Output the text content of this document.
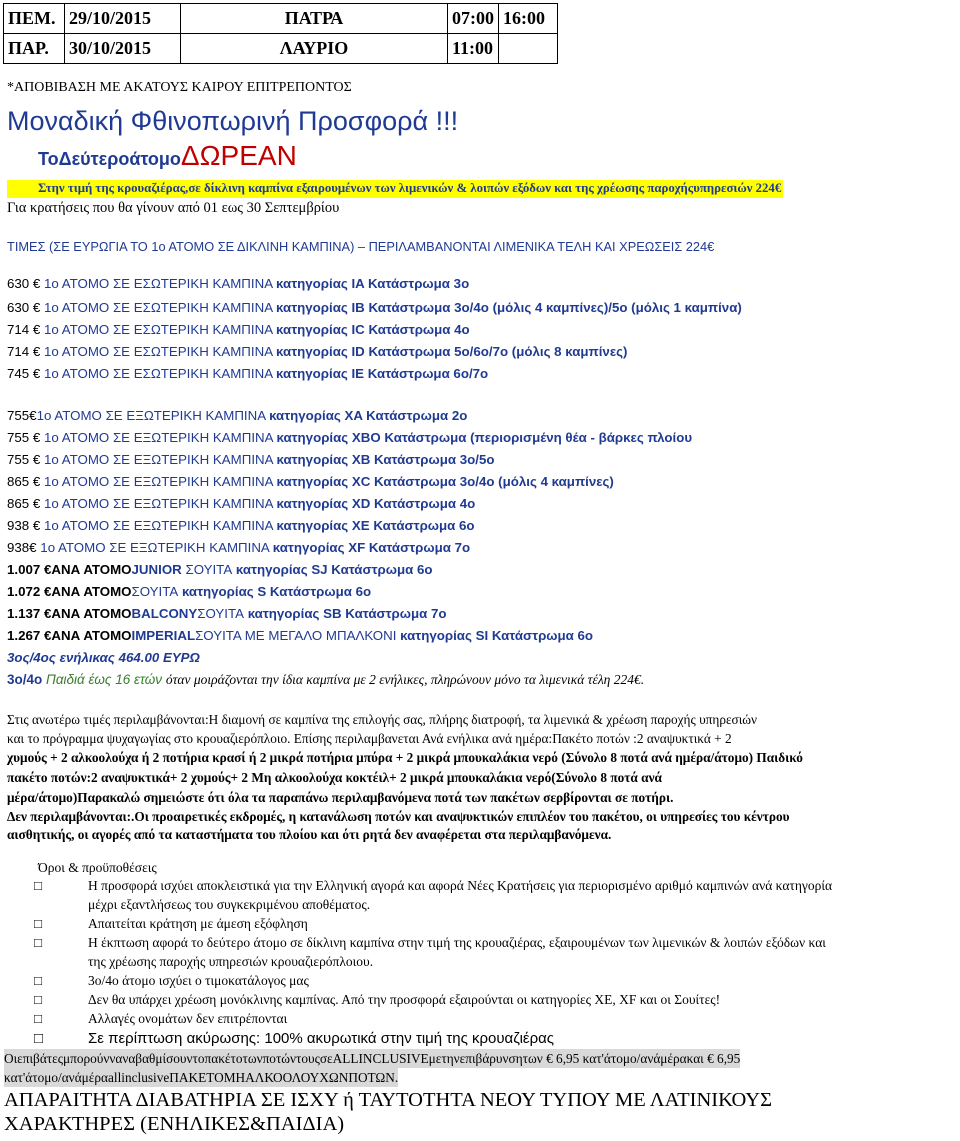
ΠΕΜ.	29/10/2015	ΠΑΤΡΑ	07:00	16:00
ΠΑΡ.	30/10/2015	ΛΑΥΡΙΟ	11:00	
*ΑΠΟΒΙΒΑΣΗ ΜΕ ΑΚΑΤΟΥΣ ΚΑΙΡΟΥ ΕΠΙΤΡΕΠΟΝΤΟΣ
Μοναδική Φθινοπωρινή Προσφορά !!!
ΤοΔεύτεροάτομοΔΩΡΕΑΝ
Στην τιμή της κρουαζιέρας,σε δίκλινη καμπίνα εξαιρουμένων των λιμενικών & λοιπών εξόδων και της χρέωσης παροχήςυπηρεσιών 224€
Για κρατήσεις που θα γίνουν από 01 εως 30 Σεπτεμβρίου
ΤΙΜΕΣ (ΣΕ ΕΥΡΩΓΙΑ ΤΟ 1ο ΑΤΟΜΟ ΣΕ ΔΙΚΛΙΝΗ ΚΑΜΠΙΝΑ) – ΠΕΡΙΛΑΜΒΑΝΟΝΤΑΙ ΛΙΜΕΝΙΚΑ ΤΕΛΗ ΚΑΙ ΧΡΕΩΣΕΙΣ 224€
630 € 1ο ΑΤΟΜΟ ΣΕ ΕΣΩΤΕΡΙΚΗ ΚΑΜΠΙΝΑ κατηγορίας IA Κατάστρωμα 3ο
630 € 1ο ΑΤΟΜΟ ΣΕ ΕΣΩΤΕΡΙΚΗ ΚΑΜΠΙΝΑ κατηγορίας IB Κατάστρωμα 3ο/4ο (μόλις 4 καμπίνες)/5ο (μόλις 1 καμπίνα)
714 € 1ο ΑΤΟΜΟ ΣΕ ΕΣΩΤΕΡΙΚΗ ΚΑΜΠΙΝΑ κατηγορίας IC Κατάστρωμα 4ο
714 € 1ο ΑΤΟΜΟ ΣΕ ΕΣΩΤΕΡΙΚΗ ΚΑΜΠΙΝΑ κατηγορίας ID Κατάστρωμα 5ο/6ο/7ο (μόλις 8 καμπίνες)
745 € 1ο ΑΤΟΜΟ ΣΕ ΕΣΩΤΕΡΙΚΗ ΚΑΜΠΙΝΑ κατηγορίας IE Κατάστρωμα 6ο/7ο
755€1ο ΑΤΟΜΟ ΣΕ ΕΞΩΤΕΡΙΚΗ ΚΑΜΠΙΝΑ κατηγορίας XA Κατάστρωμα 2ο
755 € 1ο ΑΤΟΜΟ ΣΕ ΕΞΩΤΕΡΙΚΗ ΚΑΜΠΙΝΑ κατηγορίας XBO Κατάστρωμα (περιορισμένη θέα - βάρκες πλοίου
755 € 1ο ΑΤΟΜΟ ΣΕ ΕΞΩΤΕΡΙΚΗ ΚΑΜΠΙΝΑ κατηγορίας XB Κατάστρωμα 3ο/5ο
865 € 1ο ΑΤΟΜΟ ΣΕ ΕΞΩΤΕΡΙΚΗ ΚΑΜΠΙΝΑ κατηγορίας XC Κατάστρωμα 3ο/4ο (μόλις 4 καμπίνες)
865 € 1ο ΑΤΟΜΟ ΣΕ ΕΞΩΤΕΡΙΚΗ ΚΑΜΠΙΝΑ κατηγορίας XD Κατάστρωμα 4ο
938 € 1ο ΑΤΟΜΟ ΣΕ ΕΞΩΤΕΡΙΚΗ ΚΑΜΠΙΝΑ κατηγορίας XE Κατάστρωμα 6ο
938€ 1ο ΑΤΟΜΟ ΣΕ ΕΞΩΤΕΡΙΚΗ ΚΑΜΠΙΝΑ κατηγορίας XF Κατάστρωμα 7ο
1.007 €ΑΝΑ ΑΤΟΜΟJUNIOR ΣΟΥΙΤΑ κατηγορίας SJ Κατάστρωμα 6ο
1.072 €ΑΝΑ ΑΤΟΜΟΣΟΥΙΤΑ κατηγορίας S Κατάστρωμα 6ο
1.137 €ΑΝΑ ΑΤΟΜΟBALCONYΣΟΥΙΤΑ κατηγορίας SB Κατάστρωμα 7ο
1.267 €ΑΝΑ ΑΤΟΜΟIMPERIALΣΟΥΙΤΑ ΜΕ ΜΕΓΑΛΟ ΜΠΑΛΚΟΝΙ κατηγορίας SI Κατάστρωμα 6ο
3ος/4ος ενήλικας 464.00 ΕΥΡΩ
3ο/4ο Παιδιά έως 16 ετών όταν μοιράζονται την ίδια καμπίνα με 2 ενήλικες, πληρώνουν μόνο τα λιμενικά τέλη 224€.
Στις ανωτέρω τιμές περιλαμβάνονται:Η διαμονή σε καμπίνα της επιλογής σας, πλήρης διατροφή, τα λιμενικά & χρέωση παροχής υπηρεσιών
και το πρόγραμμα ψυχαγωγίας στο κρουαζιερόπλοιο. Επίσης περιλαμβανεται Ανά ενήλικα ανά ημέρα:Πακέτο ποτών :2 αναψυκτικά + 2
χυμούς + 2 αλκοολούχα ή 2 ποτήρια κρασί ή 2 μικρά ποτήρια μπύρα + 2 μικρά μπουκαλάκια νερό (Σύνολο 8 ποτά ανά ημέρα/άτομο) Παιδικό
πακέτο ποτών:2 αναψυκτικά+ 2 χυμούς+ 2 Μη αλκοολούχα κοκτέιλ+ 2 μικρά μπουκαλάκια νερό(Σύνολο 8 ποτά ανά
μέρα/άτομο)Παρακαλώ σημειώστε ότι όλα τα παραπάνω περιλαμβανόμενα ποτά των πακέτων σερβίρονται σε ποτήρι.
Δεν περιλαμβάνονται:.Οι προαιρετικές εκδρομές, η κατανάλωση ποτών και αναψυκτικών επιπλέον του πακέτου, οι υπηρεσίες του κέντρου
αισθητικής, οι αγορές από τα καταστήματα του πλοίου και ότι ρητά δεν αναφέρεται στα περιλαμβανόμενα.
Όροι & προϋποθέσεις
□	Η προσφορά ισχύει αποκλειστικά για την Ελληνική αγορά και αφορά Νέες Κρατήσεις για περιορισμένο αριθμό καμπινών ανά κατηγορία
μέχρι εξαντλήσεως του συγκεκριμένου αποθέματος.
□	Απαιτείται κράτηση με άμεση εξόφληση
□	Η έκπτωση αφορά το δεύτερο άτομο σε δίκλινη καμπίνα στην τιμή της κρουαζιέρας, εξαιρουμένων των λιμενικών & λοιπών εξόδων και
της χρέωσης παροχής υπηρεσιών κρουαζιερόπλοιου.
□	3ο/4ο άτομο ισχύει ο τιμοκατάλογος μας
□	Δεν θα υπάρχει χρέωση μονόκλινης καμπίνας. Από την προσφορά εξαιρούνται οι κατηγορίες XE, XF και οι Σουίτες!
□	Αλλαγές ονομάτων δεν επιτρέπονται
□	Σε περίπτωση ακύρωσης: 100% ακυρωτικά στην τιμή της κρουαζιέρας
ΟιεπιβάτεςμπορούνναναβαθμίσουντοπακέτοτωνποτώντουςσεALLINCLUSIVEμετηνεπιβάρυνσητων € 6,95 κατ'άτομο/ανάμέρακαι € 6,95
κατ'άτομο/ανάμέραallinclusiveΠΑΚΕΤΟΜΗΑΛΚΟΟΛΟΥΧΩΝΠΟΤΩΝ.
ΑΠΑΡΑΙΤΗΤΑ ΔΙΑΒΑΤΗΡΙΑ ΣΕ ΙΣΧΥ ή ΤΑΥΤΟΤΗΤΑ ΝΕΟΥ ΤΥΠΟΥ ΜΕ ΛΑΤΙΝΙΚΟΥΣ
ΧΑΡΑΚΤΗΡΕΣ (ΕΝΗΛΙΚΕΣ&ΠΑΙΔΙΑ)
